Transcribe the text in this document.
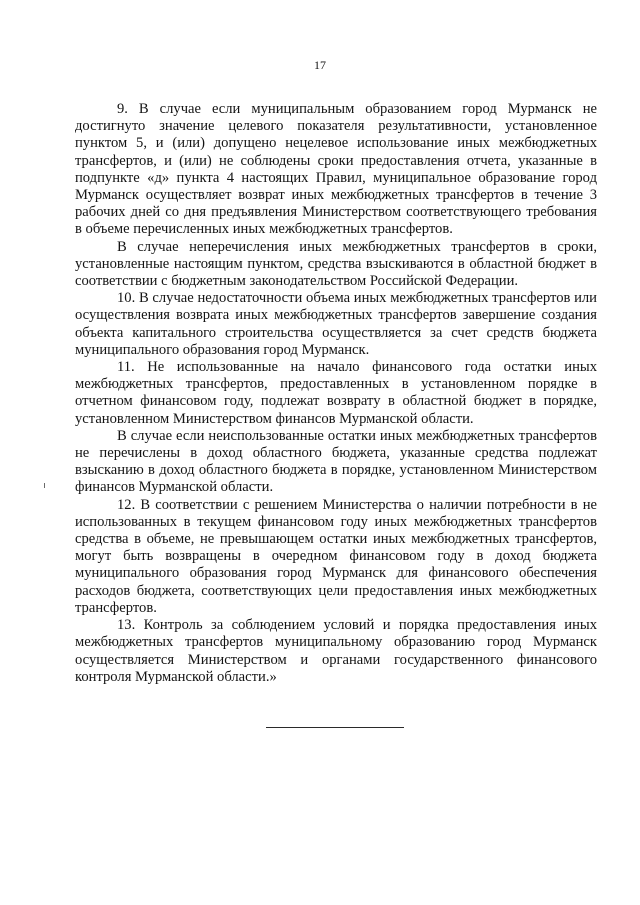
17

9. В случае если муниципальным образованием город Мурманск не достигнуто значение целевого показателя результативности, установленное пунктом 5, и (или) допущено нецелевое использование иных межбюджетных трансфертов, и (или) не соблюдены сроки предоставления отчета, указанные в подпункте «д» пункта 4 настоящих Правил, муниципальное образование город Мурманск осуществляет возврат иных межбюджетных трансфертов в течение 3 рабочих дней со дня предъявления Министерством соответствующего требования в объеме перечисленных иных межбюджетных трансфертов.

В случае неперечисления иных межбюджетных трансфертов в сроки, установленные настоящим пунктом, средства взыскиваются в областной бюджет в соответствии с бюджетным законодательством Российской Федерации.

10. В случае недостаточности объема иных межбюджетных трансфертов или осуществления возврата иных межбюджетных трансфертов завершение создания объекта капитального строительства осуществляется за счет средств бюджета муниципального образования город Мурманск.

11. Не использованные на начало финансового года остатки иных межбюджетных трансфертов, предоставленных в установленном порядке в отчетном финансовом году, подлежат возврату в областной бюджет в порядке, установленном Министерством финансов Мурманской области.

В случае если неиспользованные остатки иных межбюджетных трансфертов не перечислены в доход областного бюджета, указанные средства подлежат взысканию в доход областного бюджета в порядке, установленном Министерством финансов Мурманской области.

12. В соответствии с решением Министерства о наличии потребности в не использованных в текущем финансовом году иных межбюджетных трансфертов средства в объеме, не превышающем остатки иных межбюджетных трансфертов, могут быть возвращены в очередном финансовом году в доход бюджета муниципального образования город Мурманск для финансового обеспечения расходов бюджета, соответствующих цели предоставления иных межбюджетных трансфертов.

13. Контроль за соблюдением условий и порядка предоставления иных межбюджетных трансфертов муниципальному образованию город Мурманск осуществляется Министерством и органами государственного финансового контроля Мурманской области.»
